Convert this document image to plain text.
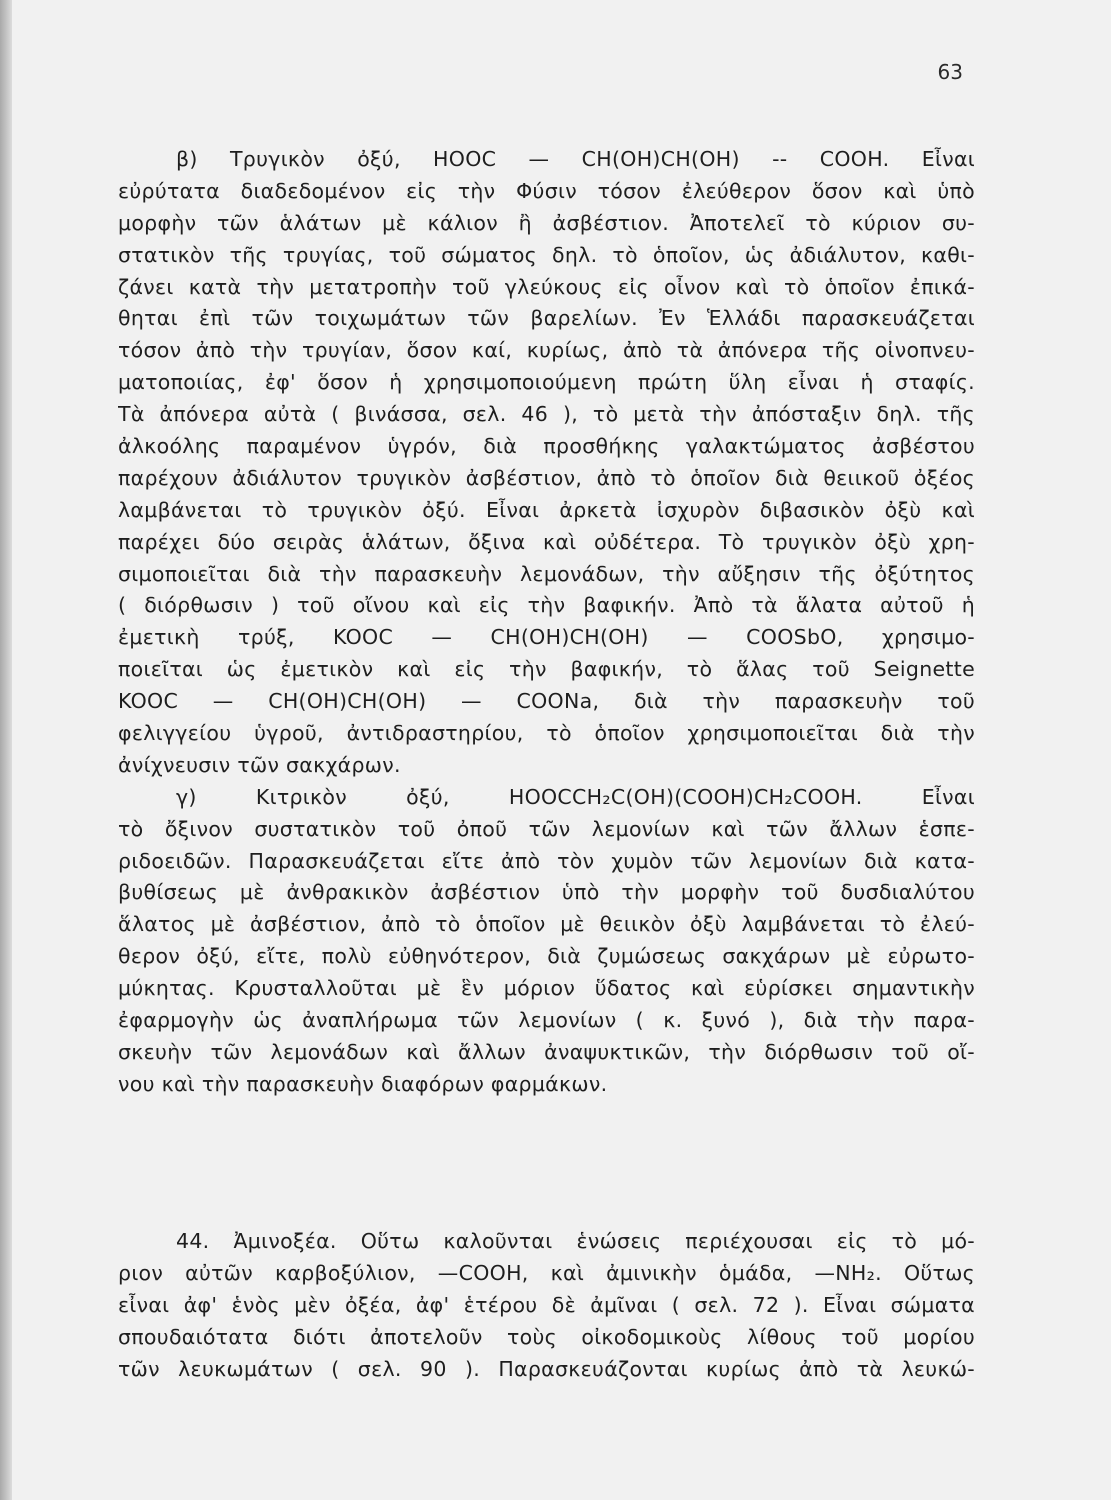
63
β) Τρυγικὸν ὀξύ, HOOC — CH(OH)CH(OH) -- COOH. Εἶναι
εὐρύτατα διαδεδομένον εἰς τὴν Φύσιν τόσον ἐλεύθερον ὅσον καὶ ὑπὸ
μορφὴν τῶν ἁλάτων μὲ κάλιον ἢ ἀσβέστιον. Ἀποτελεῖ τὸ κύριον συ-
στατικὸν τῆς τρυγίας, τοῦ σώματος δηλ. τὸ ὁποῖον, ὡς ἀδιάλυτον, καθι-
ζάνει κατὰ τὴν μετατροπὴν τοῦ γλεύκους εἰς οἶνον καὶ τὸ ὁποῖον ἐπικά-
θηται ἐπὶ τῶν τοιχωμάτων τῶν βαρελίων. Ἐν Ἑλλάδι παρασκευάζεται
τόσον ἀπὸ τὴν τρυγίαν, ὅσον καί, κυρίως, ἀπὸ τὰ ἀπόνερα τῆς οἰνοπνευ-
ματοποιίας, ἐφ' ὅσον ἡ χρησιμοποιούμενη πρώτη ὕλη εἶναι ἡ σταφίς.
Τὰ ἀπόνερα αὐτὰ ( βινάσσα, σελ. 46 ), τὸ μετὰ τὴν ἀπόσταξιν δηλ. τῆς
ἀλκοόλης παραμένον ὑγρόν, διὰ προσθήκης γαλακτώματος ἀσβέστου
παρέχουν ἀδιάλυτον τρυγικὸν ἀσβέστιον, ἀπὸ τὸ ὁποῖον διὰ θειικοῦ ὀξέος
λαμβάνεται τὸ τρυγικὸν ὀξύ. Εἶναι ἀρκετὰ ἰσχυρὸν διβασικὸν ὀξὺ καὶ
παρέχει δύο σειρὰς ἁλάτων, ὄξινα καὶ οὐδέτερα. Τὸ τρυγικὸν ὀξὺ χρη-
σιμοποιεῖται διὰ τὴν παρασκευὴν λεμονάδων, τὴν αὔξησιν τῆς ὀξύτητος
( διόρθωσιν ) τοῦ οἴνου καὶ εἰς τὴν βαφικήν. Ἀπὸ τὰ ἅλατα αὐτοῦ ἡ
ἐμετικὴ τρύξ, KOOC — CH(OH)CH(OH) — COOSbO, χρησιμο-
ποιεῖται ὡς ἐμετικὸν καὶ εἰς τὴν βαφικήν, τὸ ἅλας τοῦ Seignette
KOOC — CH(OH)CH(OH) — COONa, διὰ τὴν παρασκευὴν τοῦ
φελιγγείου ὑγροῦ, ἀντιδραστηρίου, τὸ ὁποῖον χρησιμοποιεῖται διὰ τὴν
ἀνίχνευσιν τῶν σακχάρων.
γ) Κιτρικὸν ὀξύ, HOOCCH₂C(OH)(COOH)CH₂COOH. Εἶναι
τὸ ὄξινον συστατικὸν τοῦ ὀποῦ τῶν λεμονίων καὶ τῶν ἄλλων ἑσπε-
ριδοειδῶν. Παρασκευάζεται εἴτε ἀπὸ τὸν χυμὸν τῶν λεμονίων διὰ κατα-
βυθίσεως μὲ ἀνθρακικὸν ἀσβέστιον ὑπὸ τὴν μορφὴν τοῦ δυσδιαλύτου
ἅλατος μὲ ἀσβέστιον, ἀπὸ τὸ ὁποῖον μὲ θειικὸν ὀξὺ λαμβάνεται τὸ ἐλεύ-
θερον ὀξύ, εἴτε, πολὺ εὐθηνότερον, διὰ ζυμώσεως σακχάρων μὲ εὐρωτο-
μύκητας. Κρυσταλλοῦται μὲ ἓν μόριον ὕδατος καὶ εὑρίσκει σημαντικὴν
ἐφαρμογὴν ὡς ἀναπλήρωμα τῶν λεμονίων ( κ. ξυνό ), διὰ τὴν παρα-
σκευὴν τῶν λεμονάδων καὶ ἄλλων ἀναψυκτικῶν, τὴν διόρθωσιν τοῦ οἴ-
νου καὶ τὴν παρασκευὴν διαφόρων φαρμάκων.
44. Ἀμινοξέα. Οὕτω καλοῦνται ἑνώσεις περιέχουσαι εἰς τὸ μό-
ριον αὐτῶν καρβοξύλιον, —COOH, καὶ ἀμινικὴν ὁμάδα, —NH₂. Οὕτως
εἶναι ἀφ' ἑνὸς μὲν ὀξέα, ἀφ' ἑτέρου δὲ ἀμῖναι ( σελ. 72 ). Εἶναι σώματα
σπουδαιότατα διότι ἀποτελοῦν τοὺς οἰκοδομικοὺς λίθους τοῦ μορίου
τῶν λευκωμάτων ( σελ. 90 ). Παρασκευάζονται κυρίως ἀπὸ τὰ λευκώ-
